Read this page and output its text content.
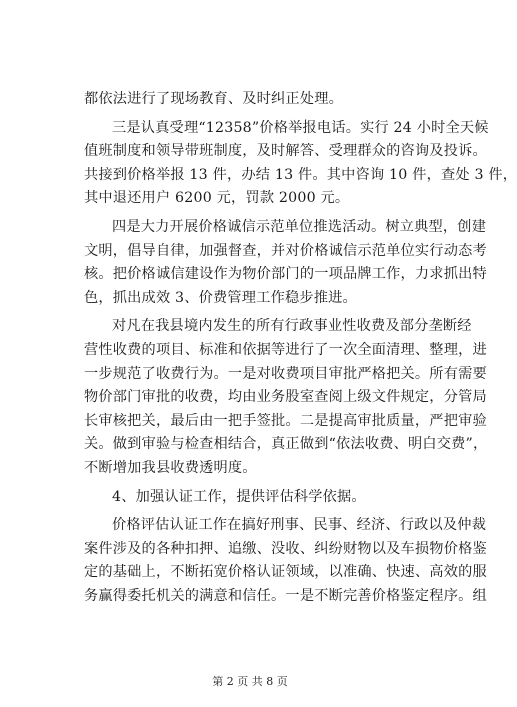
都依法进行了现场教育、及时纠正处理。
三是认真受理“12358”价格举报电话。实行 24 小时全天候
值班制度和领导带班制度，及时解答、受理群众的咨询及投诉。
共接到价格举报 13 件，办结 13 件。其中咨询 10 件，查处 3 件，
其中退还用户 6200 元，罚款 2000 元。
四是大力开展价格诚信示范单位推选活动。树立典型，创建
文明，倡导自律，加强督查，并对价格诚信示范单位实行动态考
核。把价格诚信建设作为物价部门的一项品牌工作，力求抓出特
色，抓出成效 3、价费管理工作稳步推进。
对凡在我县境内发生的所有行政事业性收费及部分垄断经
营性收费的项目、标准和依据等进行了一次全面清理、整理，进
一步规范了收费行为。一是对收费项目审批严格把关。所有需要
物价部门审批的收费，均由业务股室查阅上级文件规定，分管局
长审核把关，最后由一把手签批。二是提高审批质量，严把审验
关。做到审验与检查相结合，真正做到“依法收费、明白交费”，
不断增加我县收费透明度。
4、加强认证工作，提供评估科学依据。
价格评估认证工作在搞好刑事、民事、经济、行政以及仲裁
案件涉及的各种扣押、追缴、没收、纠纷财物以及车损物价格鉴
定的基础上，不断拓宽价格认证领域，以准确、快速、高效的服
务赢得委托机关的满意和信任。一是不断完善价格鉴定程序。组
第 2 页 共 8 页
